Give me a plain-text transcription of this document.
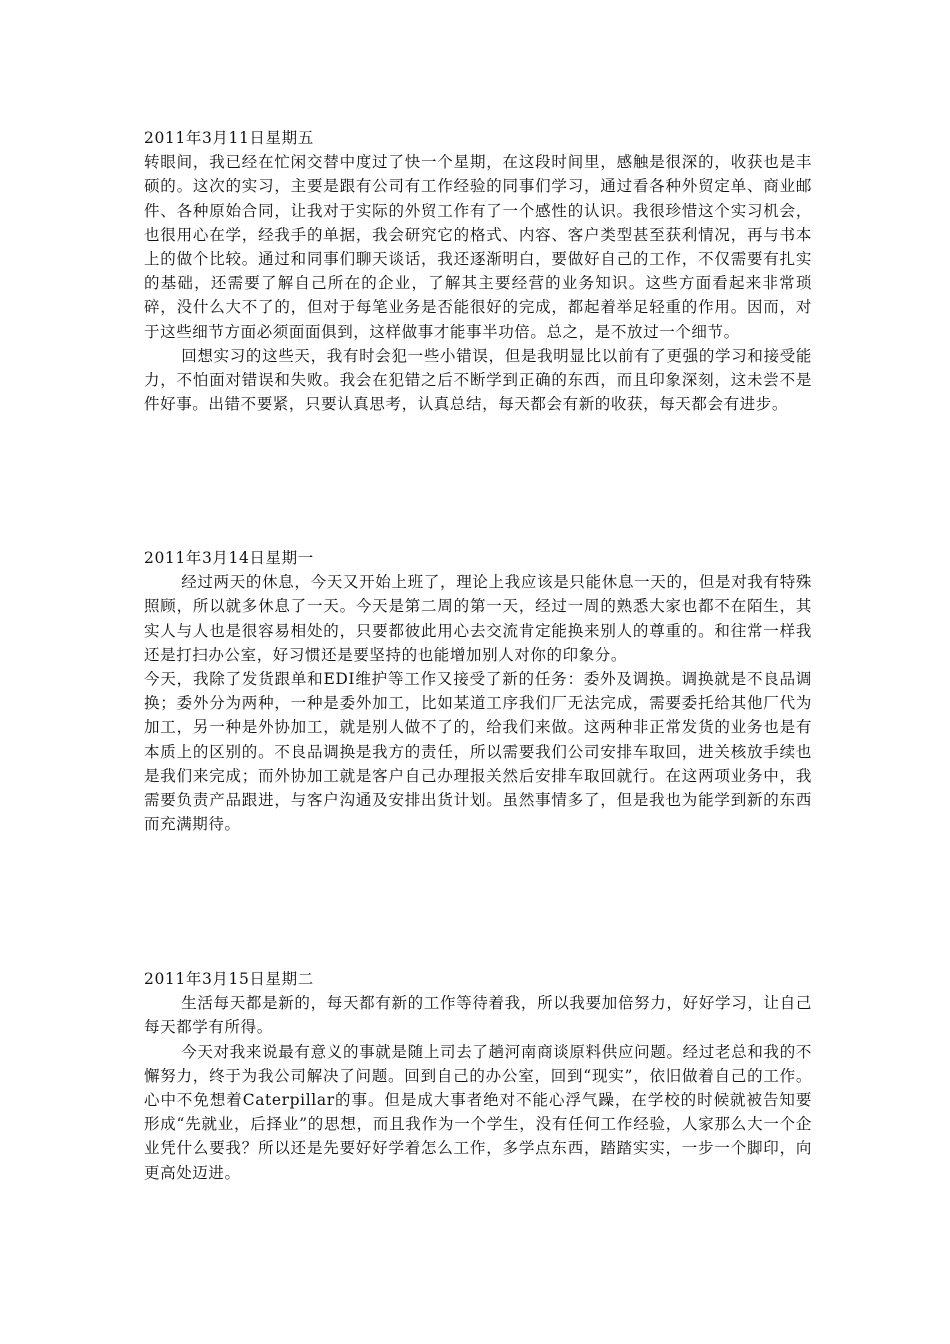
2011年3月11日星期五

转眼间，我已经在忙闲交替中度过了快一个星期，在这段时间里，感触是很深的，收获也是丰硕的。这次的实习，主要是跟有公司有工作经验的同事们学习，通过看各种外贸定单、商业邮件、各种原始合同，让我对于实际的外贸工作有了一个感性的认识。我很珍惜这个实习机会，也很用心在学，经我手的单据，我会研究它的格式、内容、客户类型甚至获利情况，再与书本上的做个比较。通过和同事们聊天谈话，我还逐渐明白，要做好自己的工作，不仅需要有扎实的基础，还需要了解自己所在的企业，了解其主要经营的业务知识。这些方面看起来非常琐碎，没什么大不了的，但对于每笔业务是否能很好的完成，都起着举足轻重的作用。因而，对于这些细节方面必须面面俱到，这样做事才能事半功倍。总之，是不放过一个细节。

回想实习的这些天，我有时会犯一些小错误，但是我明显比以前有了更强的学习和接受能力，不怕面对错误和失败。我会在犯错之后不断学到正确的东西，而且印象深刻，这未尝不是件好事。出错不要紧，只要认真思考，认真总结，每天都会有新的收获，每天都会有进步。

2011年3月14日星期一

经过两天的休息，今天又开始上班了，理论上我应该是只能休息一天的，但是对我有特殊照顾，所以就多休息了一天。今天是第二周的第一天，经过一周的熟悉大家也都不在陌生，其实人与人也是很容易相处的，只要都彼此用心去交流肯定能换来别人的尊重的。和往常一样我还是打扫办公室，好习惯还是要坚持的也能增加别人对你的印象分。

今天，我除了发货跟单和EDI维护等工作又接受了新的任务：委外及调换。调换就是不良品调换；委外分为两种，一种是委外加工，比如某道工序我们厂无法完成，需要委托给其他厂代为加工，另一种是外协加工，就是别人做不了的，给我们来做。这两种非正常发货的业务也是有本质上的区别的。不良品调换是我方的责任，所以需要我们公司安排车取回，进关核放手续也是我们来完成；而外协加工就是客户自己办理报关然后安排车取回就行。在这两项业务中，我需要负责产品跟进，与客户沟通及安排出货计划。虽然事情多了，但是我也为能学到新的东西而充满期待。

2011年3月15日星期二

生活每天都是新的，每天都有新的工作等待着我，所以我要加倍努力，好好学习，让自己每天都学有所得。

今天对我来说最有意义的事就是随上司去了趟河南商谈原料供应问题。经过老总和我的不懈努力，终于为我公司解决了问题。回到自己的办公室，回到“现实”，依旧做着自己的工作。心中不免想着Caterpillar的事。但是成大事者绝对不能心浮气躁，在学校的时候就被告知要形成“先就业，后择业”的思想，而且我作为一个学生，没有任何工作经验，人家那么大一个企业凭什么要我？所以还是先要好好学着怎么工作，多学点东西，踏踏实实，一步一个脚印，向更高处迈进。
